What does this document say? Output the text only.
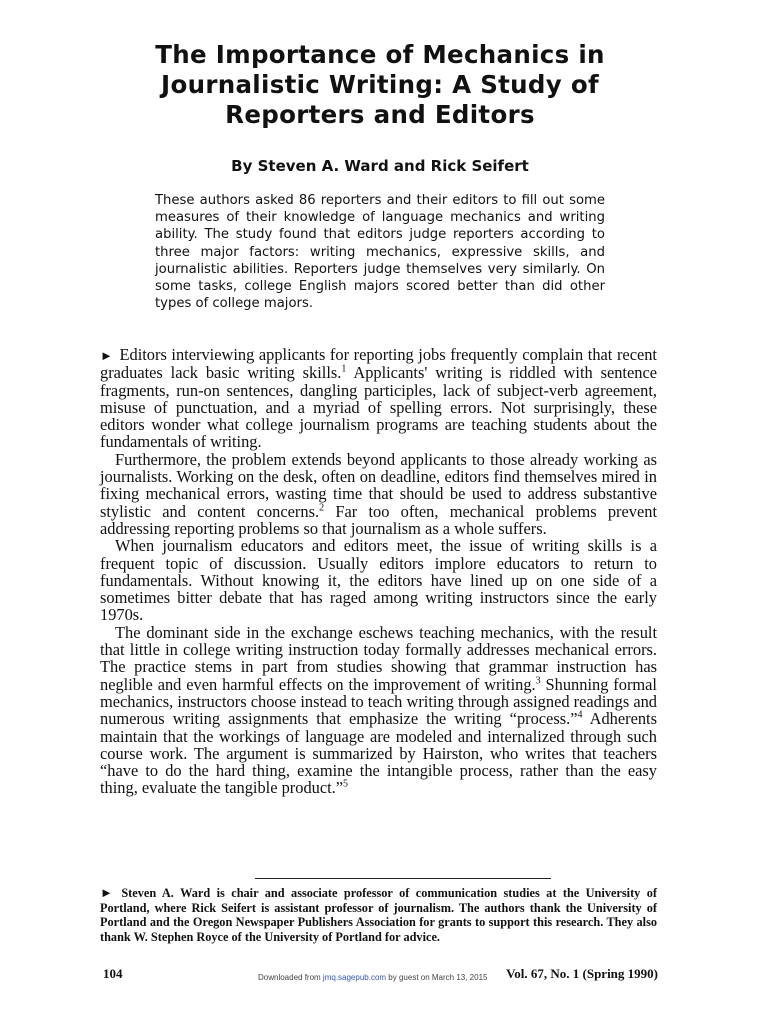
The Importance of Mechanics in
Journalistic Writing: A Study of
Reporters and Editors
By Steven A. Ward and Rick Seifert
These authors asked 86 reporters and their editors to fill out some measures of their knowledge of language mechanics and writing ability. The study found that editors judge reporters according to three major factors: writing mechanics, expressive skills, and journalistic abilities. Reporters judge themselves very similarly. On some tasks, college English majors scored better than did other types of college majors.

► Editors interviewing applicants for reporting jobs frequently complain that recent graduates lack basic writing skills.$^1$ Applicants' writing is riddled with sentence fragments, run-on sentences, dangling participles, lack of subject-verb agreement, misuse of punctuation, and a myriad of spelling errors. Not surprisingly, these editors wonder what college journalism programs are teaching students about the fundamentals of writing.

Furthermore, the problem extends beyond applicants to those already working as journalists. Working on the desk, often on deadline, editors find themselves mired in fixing mechanical errors, wasting time that should be used to address substantive stylistic and content concerns.$^2$ Far too often, mechanical problems prevent addressing reporting problems so that journalism as a whole suffers.

When journalism educators and editors meet, the issue of writing skills is a frequent topic of discussion. Usually editors implore educators to return to fundamentals. Without knowing it, the editors have lined up on one side of a sometimes bitter debate that has raged among writing instructors since the early 1970s.

The dominant side in the exchange eschews teaching mechanics, with the result that little in college writing instruction today formally addresses mechanical errors. The practice stems in part from studies showing that grammar instruction has neglible and even harmful effects on the improvement of writing.$^3$ Shunning formal mechanics, instructors choose instead to teach writing through assigned readings and numerous writing assignments that emphasize the writing “process.”$^4$ Adherents maintain that the workings of language are modeled and internalized through such course work. The argument is summarized by Hairston, who writes that teachers “have to do the hard thing, examine the intangible process, rather than the easy thing, evaluate the tangible product.”$^5$

► Steven A. Ward is chair and associate professor of communication studies at the University of Portland, where Rick Seifert is assistant professor of journalism. The authors thank the University of Portland and the Oregon Newspaper Publishers Association for grants to support this research. They also thank W. Stephen Royce of the University of Portland for advice.
104	Vol. 67, No. 1 (Spring 1990)
Downloaded from jmq.sagepub.com by guest on March 13, 2015
